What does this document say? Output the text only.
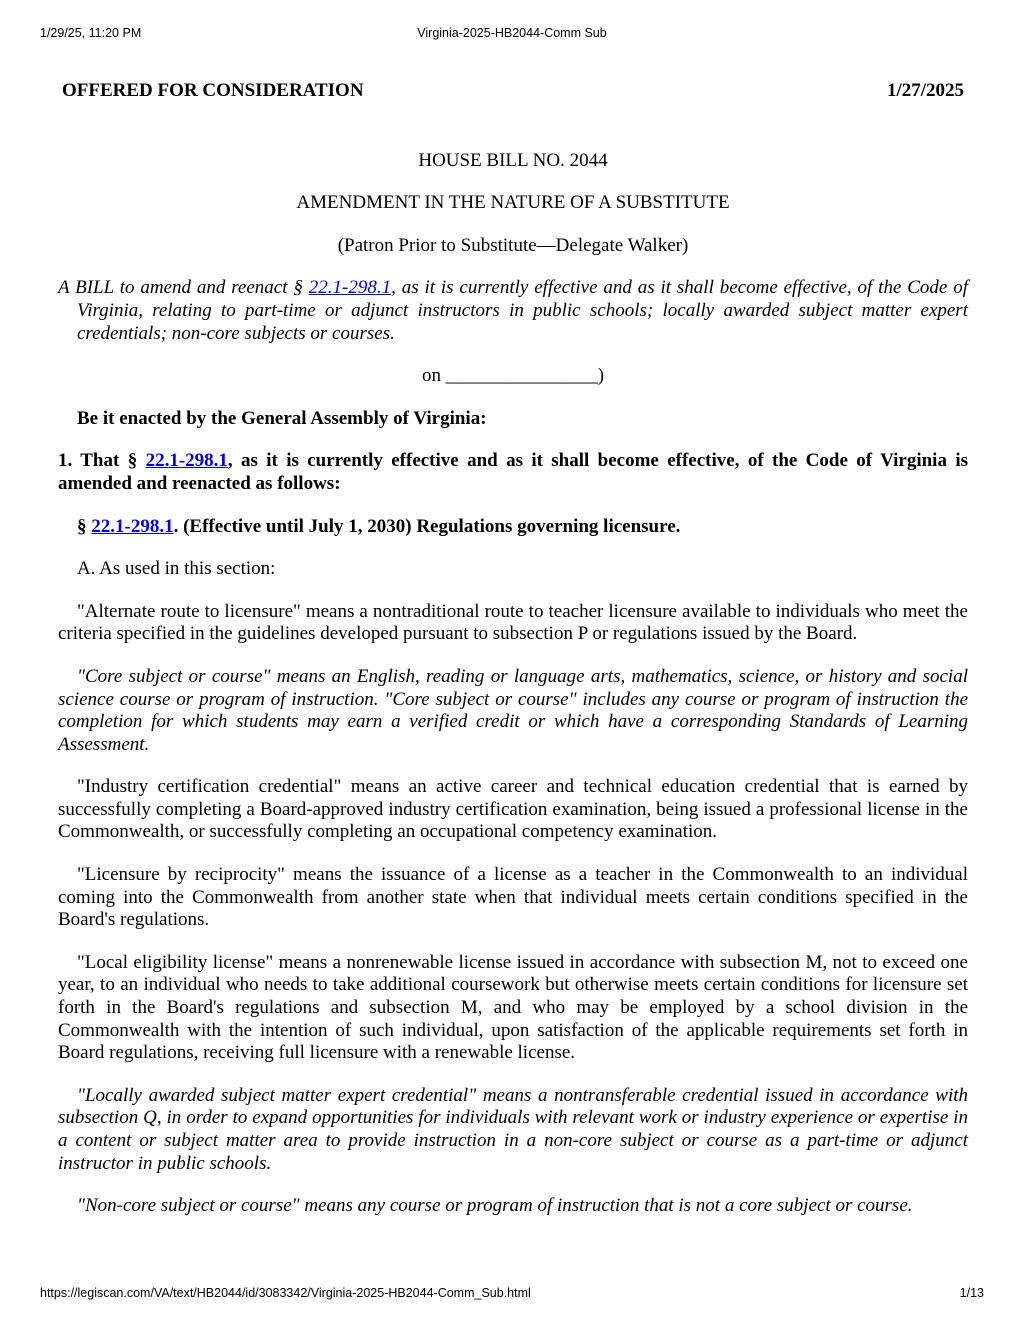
1/29/25, 11:20 PM	Virginia-2025-HB2044-Comm Sub
OFFERED FOR CONSIDERATION	1/27/2025

HOUSE BILL NO. 2044

AMENDMENT IN THE NATURE OF A SUBSTITUTE

(Patron Prior to Substitute—Delegate Walker)

A BILL to amend and reenact § 22.1-298.1, as it is currently effective and as it shall become effective, of the Code of Virginia, relating to part-time or adjunct instructors in public schools; locally awarded subject matter expert credentials; non-core subjects or courses.

on ________________)

Be it enacted by the General Assembly of Virginia:

1. That § 22.1-298.1, as it is currently effective and as it shall become effective, of the Code of Virginia is amended and reenacted as follows:

§ 22.1-298.1. (Effective until July 1, 2030) Regulations governing licensure.

A. As used in this section:

"Alternate route to licensure" means a nontraditional route to teacher licensure available to individuals who meet the criteria specified in the guidelines developed pursuant to subsection P or regulations issued by the Board.

"Core subject or course" means an English, reading or language arts, mathematics, science, or history and social science course or program of instruction. "Core subject or course" includes any course or program of instruction the completion for which students may earn a verified credit or which have a corresponding Standards of Learning Assessment.

"Industry certification credential" means an active career and technical education credential that is earned by successfully completing a Board-approved industry certification examination, being issued a professional license in the Commonwealth, or successfully completing an occupational competency examination.

"Licensure by reciprocity" means the issuance of a license as a teacher in the Commonwealth to an individual coming into the Commonwealth from another state when that individual meets certain conditions specified in the Board's regulations.

"Local eligibility license" means a nonrenewable license issued in accordance with subsection M, not to exceed one year, to an individual who needs to take additional coursework but otherwise meets certain conditions for licensure set forth in the Board's regulations and subsection M, and who may be employed by a school division in the Commonwealth with the intention of such individual, upon satisfaction of the applicable requirements set forth in Board regulations, receiving full licensure with a renewable license.

"Locally awarded subject matter expert credential" means a nontransferable credential issued in accordance with subsection Q, in order to expand opportunities for individuals with relevant work or industry experience or expertise in a content or subject matter area to provide instruction in a non-core subject or course as a part-time or adjunct instructor in public schools.

"Non-core subject or course" means any course or program of instruction that is not a core subject or course.

https://legiscan.com/VA/text/HB2044/id/3083342/Virginia-2025-HB2044-Comm_Sub.html	1/13
